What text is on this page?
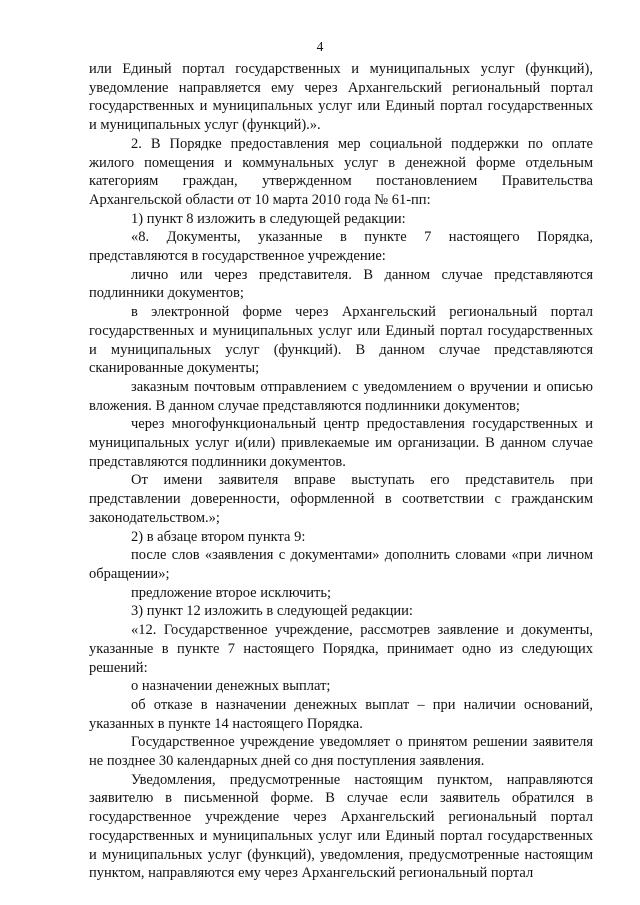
4

или Единый портал государственных и муниципальных услуг (функций), уведомление направляется ему через Архангельский региональный портал государственных и муниципальных услуг или Единый портал государственных и муниципальных услуг (функций).».

2. В Порядке предоставления мер социальной поддержки по оплате жилого помещения и коммунальных услуг в денежной форме отдельным категориям граждан, утвержденном постановлением Правительства Архангельской области от 10 марта 2010 года № 61-пп:

1) пункт 8 изложить в следующей редакции:

«8. Документы, указанные в пункте 7 настоящего Порядка, представляются в государственное учреждение:

лично или через представителя. В данном случае представляются подлинники документов;

в электронной форме через Архангельский региональный портал государственных и муниципальных услуг или Единый портал государственных и муниципальных услуг (функций). В данном случае представляются сканированные документы;

заказным почтовым отправлением с уведомлением о вручении и описью вложения. В данном случае представляются подлинники документов;

через многофункциональный центр предоставления государственных и муниципальных услуг и(или) привлекаемые им организации. В данном случае представляются подлинники документов.

От имени заявителя вправе выступать его представитель при представлении доверенности, оформленной в соответствии с гражданским законодательством.»;

2) в абзаце втором пункта 9:

после слов «заявления с документами» дополнить словами «при личном обращении»;

предложение второе исключить;

3) пункт 12 изложить в следующей редакции:

«12. Государственное учреждение, рассмотрев заявление и документы, указанные в пункте 7 настоящего Порядка, принимает одно из следующих решений:

о назначении денежных выплат;

об отказе в назначении денежных выплат – при наличии оснований, указанных в пункте 14 настоящего Порядка.

Государственное учреждение уведомляет о принятом решении заявителя не позднее 30 календарных дней со дня поступления заявления.

Уведомления, предусмотренные настоящим пунктом, направляются заявителю в письменной форме. В случае если заявитель обратился в государственное учреждение через Архангельский региональный портал государственных и муниципальных услуг или Единый портал государственных и муниципальных услуг (функций), уведомления, предусмотренные настоящим пунктом, направляются ему через Архангельский региональный портал
